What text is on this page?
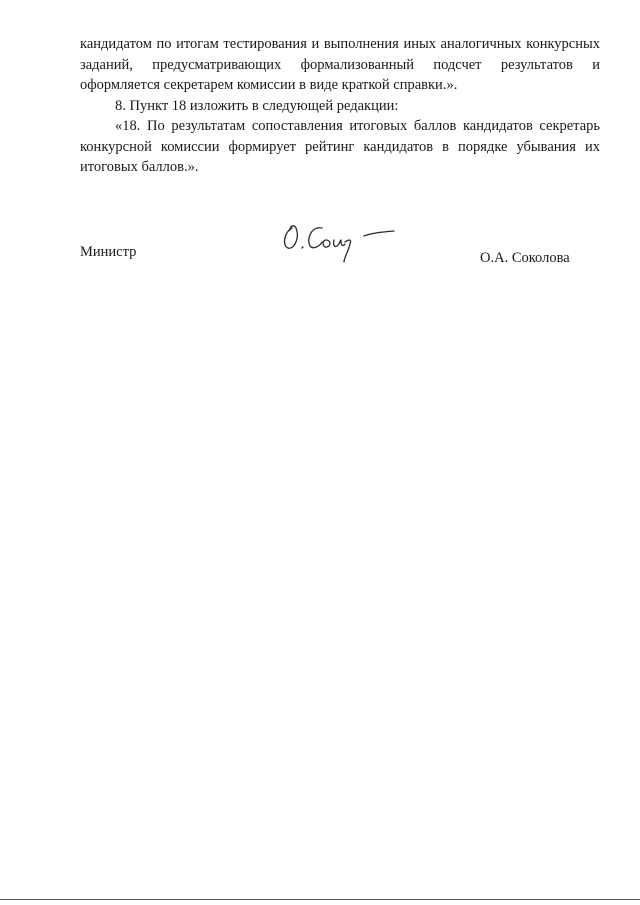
кандидатом по итогам тестирования и выполнения иных аналогичных конкурсных заданий, предусматривающих формализованный подсчет результатов и оформляется секретарем комиссии в виде краткой справки.».

8. Пункт 18 изложить в следующей редакции:

«18. По результатам сопоставления итоговых баллов кандидатов секретарь конкурсной комиссии формирует рейтинг кандидатов в порядке убывания их итоговых баллов.».

Министр	О.А. Соколова
